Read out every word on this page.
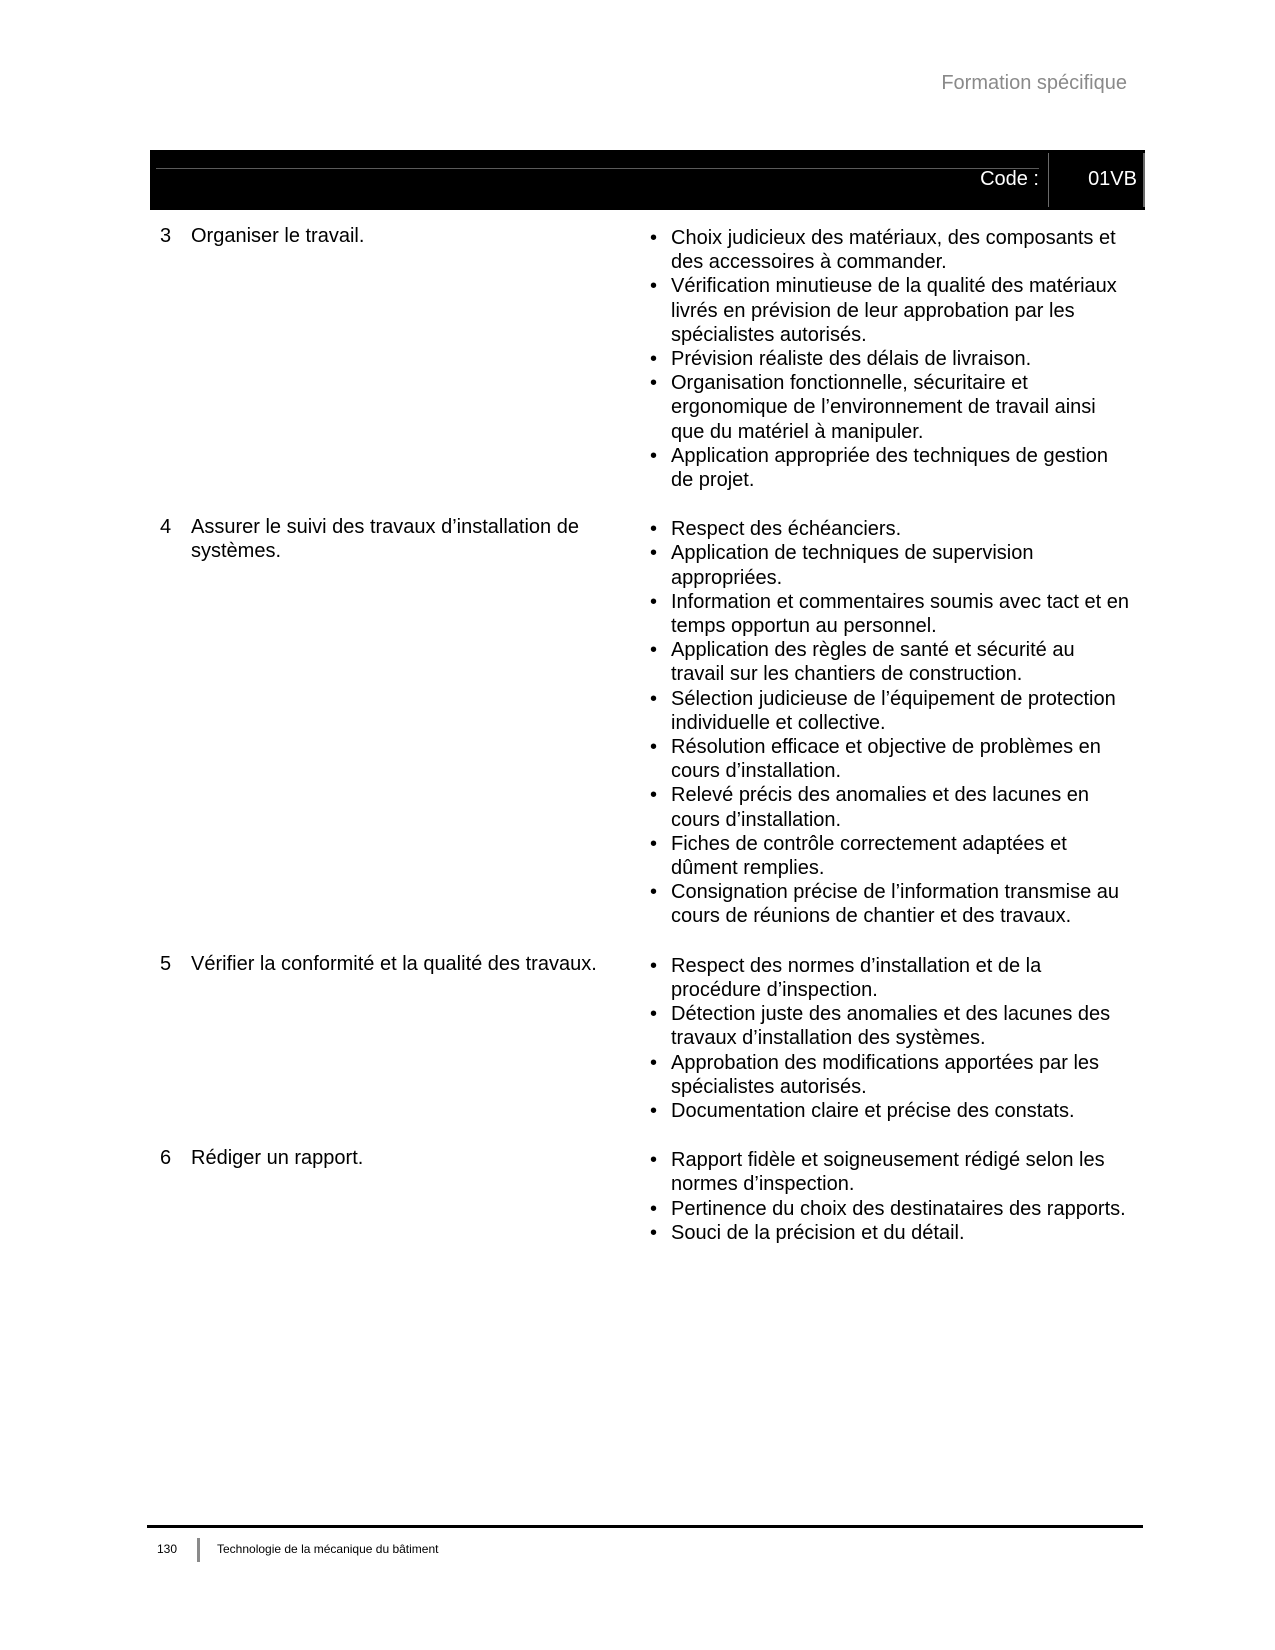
Formation spécifique
Code : 01VB
3 Organiser le travail.	• Choix judicieux des matériaux, des composants et des accessoires à commander.
• Vérification minutieuse de la qualité des matériaux livrés en prévision de leur approbation par les spécialistes autorisés.
• Prévision réaliste des délais de livraison.
• Organisation fonctionnelle, sécuritaire et ergonomique de l’environnement de travail ainsi que du matériel à manipuler.
• Application appropriée des techniques de gestion de projet.
4 Assurer le suivi des travaux d’installation de systèmes.
• Respect des échéanciers.
• Application de techniques de supervision appropriées.
• Information et commentaires soumis avec tact et en temps opportun au personnel.
• Application des règles de santé et sécurité au travail sur les chantiers de construction.
• Sélection judicieuse de l’équipement de protection individuelle et collective.
• Résolution efficace et objective de problèmes en cours d’installation.
• Relevé précis des anomalies et des lacunes en cours d’installation.
• Fiches de contrôle correctement adaptées et dûment remplies.
• Consignation précise de l’information transmise au cours de réunions de chantier et des travaux.
5 Vérifier la conformité et la qualité des travaux.	• Respect des normes d’installation et de la procédure d’inspection.
• Détection juste des anomalies et des lacunes des travaux d’installation des systèmes.
• Approbation des modifications apportées par les spécialistes autorisés.
• Documentation claire et précise des constats.
6 Rédiger un rapport.	• Rapport fidèle et soigneusement rédigé selon les normes d’inspection.
• Pertinence du choix des destinataires des rapports.
• Souci de la précision et du détail.
130	Technologie de la mécanique du bâtiment
